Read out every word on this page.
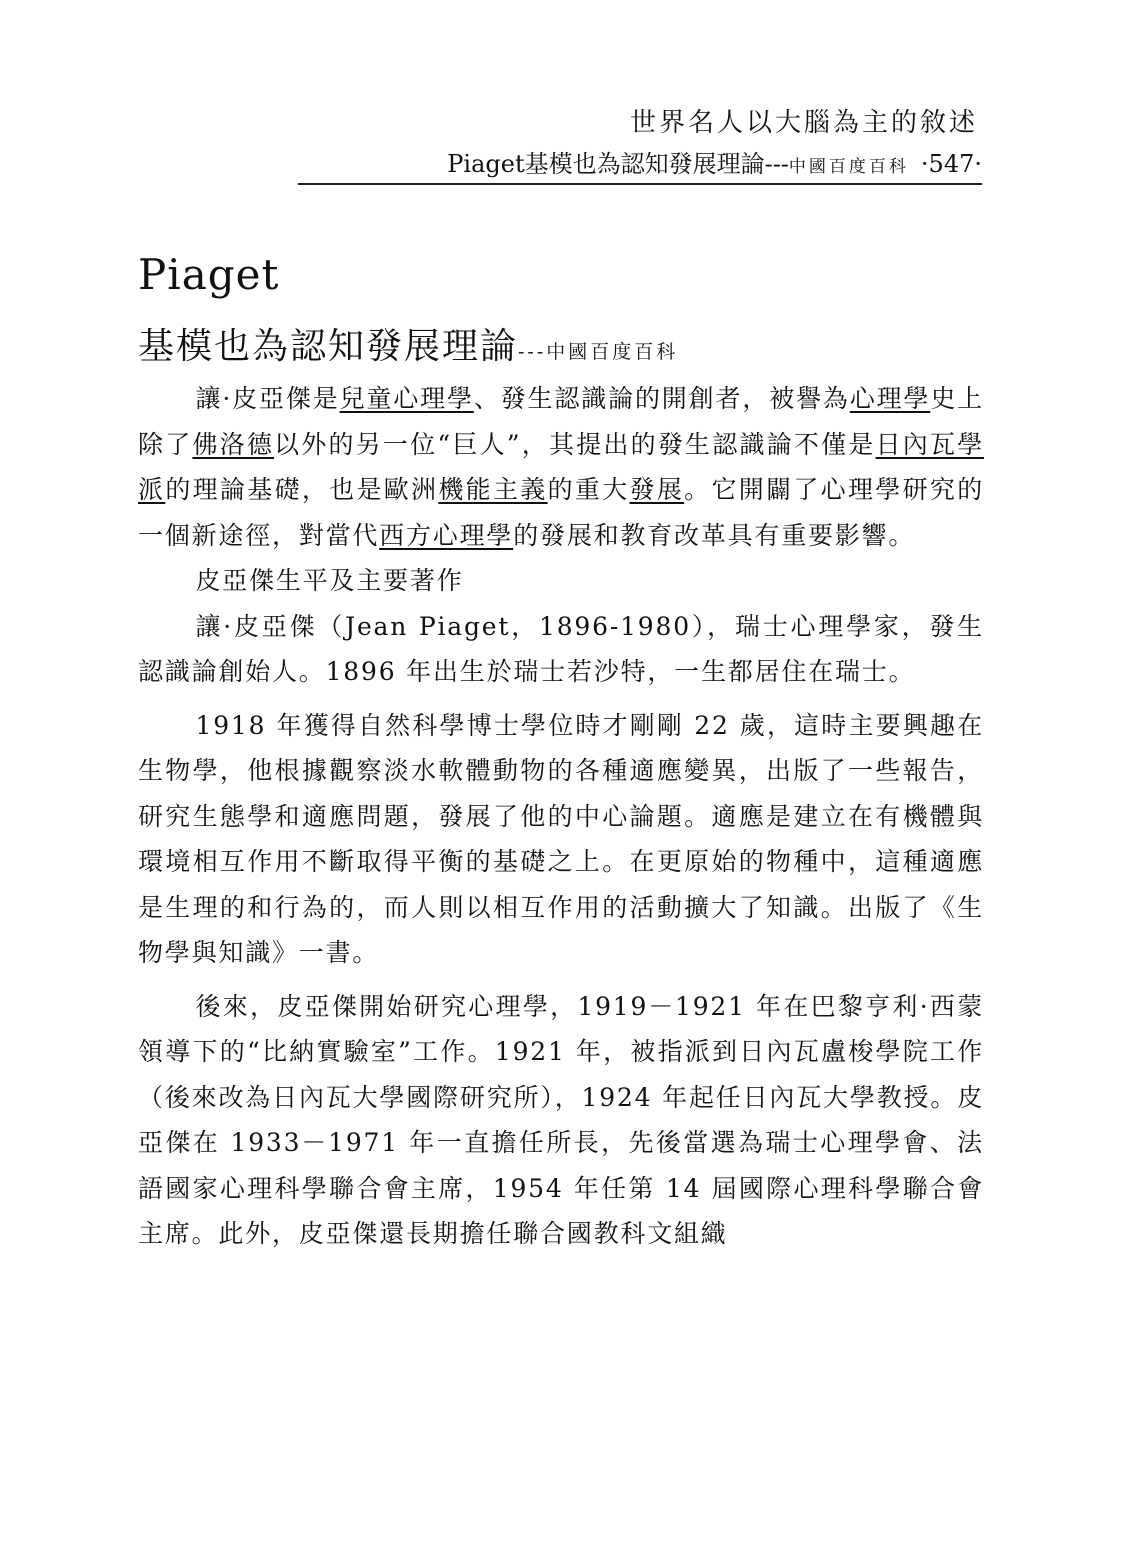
世界名人以大腦為主的敘述
Piaget基模也為認知發展理論---中國百度百科 ·547·
Piaget
基模也為認知發展理論---中國百度百科

讓·皮亞傑是兒童心理學、發生認識論的開創者，被譽為心理學史上除了佛洛德以外的另一位“巨人”，其提出的發生認識論不僅是日內瓦學派的理論基礎，也是歐洲機能主義的重大發展。它開闢了心理學研究的一個新途徑，對當代西方心理學的發展和教育改革具有重要影響。

皮亞傑生平及主要著作

讓·皮亞傑（Jean Piaget，1896-1980），瑞士心理學家，發生認識論創始人。1896 年出生於瑞士若沙特，一生都居住在瑞士。

1918 年獲得自然科學博士學位時才剛剛 22 歲，這時主要興趣在生物學，他根據觀察淡水軟體動物的各種適應變異，出版了一些報告，研究生態學和適應問題，發展了他的中心論題。適應是建立在有機體與環境相互作用不斷取得平衡的基礎之上。在更原始的物種中，這種適應是生理的和行為的，而人則以相互作用的活動擴大了知識。出版了《生物學與知識》一書。

後來，皮亞傑開始研究心理學，1919－1921 年在巴黎亨利·西蒙領導下的“比納實驗室”工作。1921 年，被指派到日內瓦盧梭學院工作（後來改為日內瓦大學國際研究所），1924 年起任日內瓦大學教授。皮亞傑在 1933－1971 年一直擔任所長，先後當選為瑞士心理學會、法語國家心理科學聯合會主席，1954 年任第 14 屆國際心理科學聯合會主席。此外，皮亞傑還長期擔任聯合國教科文組織
